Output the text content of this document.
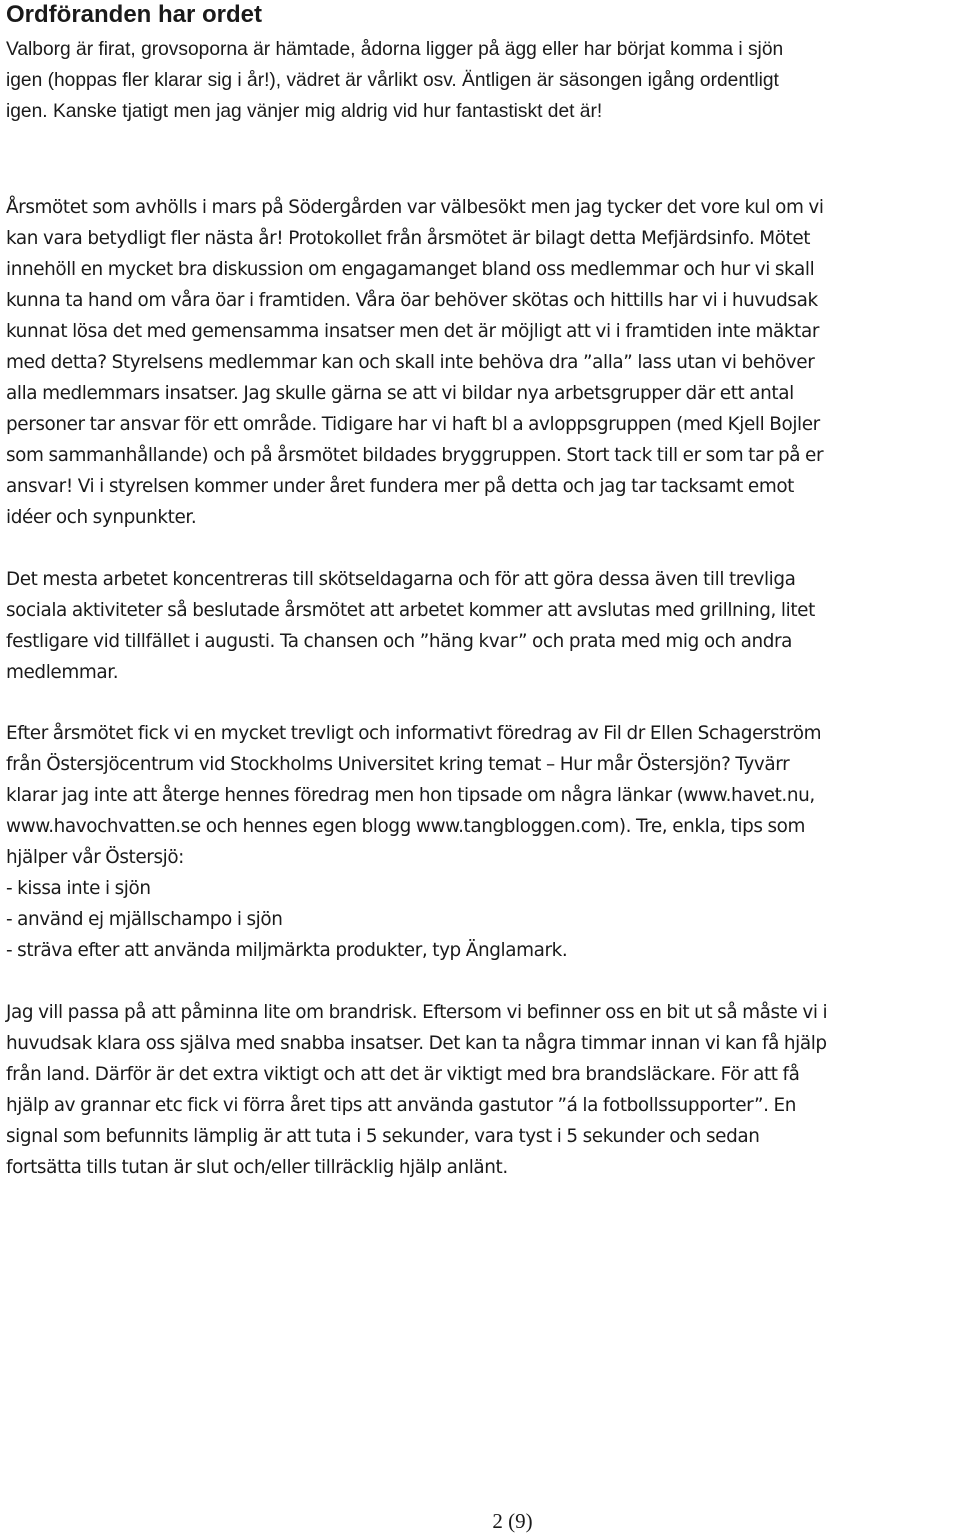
Ordföranden har ordet

Valborg är firat, grovsoporna är hämtade, ådorna ligger på ägg eller har börjat komma i sjön
igen (hoppas fler klarar sig i år!), vädret är vårlikt osv. Äntligen är säsongen igång ordentligt
igen. Kanske tjatigt men jag vänjer mig aldrig vid hur fantastiskt det är!

Årsmötet som avhölls i mars på Södergården var välbesökt men jag tycker det vore kul om vi
kan vara betydligt fler nästa år! Protokollet från årsmötet är bilagt detta Mefjärdsinfo. Mötet
innehöll en mycket bra diskussion om engagamanget bland oss medlemmar och hur vi skall
kunna ta hand om våra öar i framtiden. Våra öar behöver skötas och hittills har vi i huvudsak
kunnat lösa det med gemensamma insatser men det är möjligt att vi i framtiden inte mäktar
med detta? Styrelsens medlemmar kan och skall inte behöva dra ”alla” lass utan vi behöver
alla medlemmars insatser. Jag skulle gärna se att vi bildar nya arbetsgrupper där ett antal
personer tar ansvar för ett område. Tidigare har vi haft bl a avloppsgruppen (med Kjell Bojler
som sammanhållande) och på årsmötet bildades bryggruppen. Stort tack till er som tar på er
ansvar! Vi i styrelsen kommer under året fundera mer på detta och jag tar tacksamt emot
idéer och synpunkter.

Det mesta arbetet koncentreras till skötseldagarna och för att göra dessa även till trevliga
sociala aktiviteter så beslutade årsmötet att arbetet kommer att avslutas med grillning, litet
festligare vid tillfället i augusti. Ta chansen och ”häng kvar” och prata med mig och andra
medlemmar.

Efter årsmötet fick vi en mycket trevligt och informativt föredrag av Fil dr Ellen Schagerström
från Östersjöcentrum vid Stockholms Universitet kring temat – Hur mår Östersjön? Tyvärr
klarar jag inte att återge hennes föredrag men hon tipsade om några länkar (www.havet.nu,
www.havochvatten.se och hennes egen blogg www.tangbloggen.com). Tre, enkla, tips som
hjälper vår Östersjö:
- kissa inte i sjön
- använd ej mjällschampo i sjön
- sträva efter att använda miljmärkta produkter, typ Änglamark.

Jag vill passa på att påminna lite om brandrisk. Eftersom vi befinner oss en bit ut så måste vi i
huvudsak klara oss själva med snabba insatser. Det kan ta några timmar innan vi kan få hjälp
från land. Därför är det extra viktigt och att det är viktigt med bra brandsläckare. För att få
hjälp av grannar etc fick vi förra året tips att använda gastutor ”á la fotbollssupporter”. En
signal som befunnits lämplig är att tuta i 5 sekunder, vara tyst i 5 sekunder och sedan
fortsätta tills tutan är slut och/eller tillräcklig hjälp anlänt.

2 (9)
